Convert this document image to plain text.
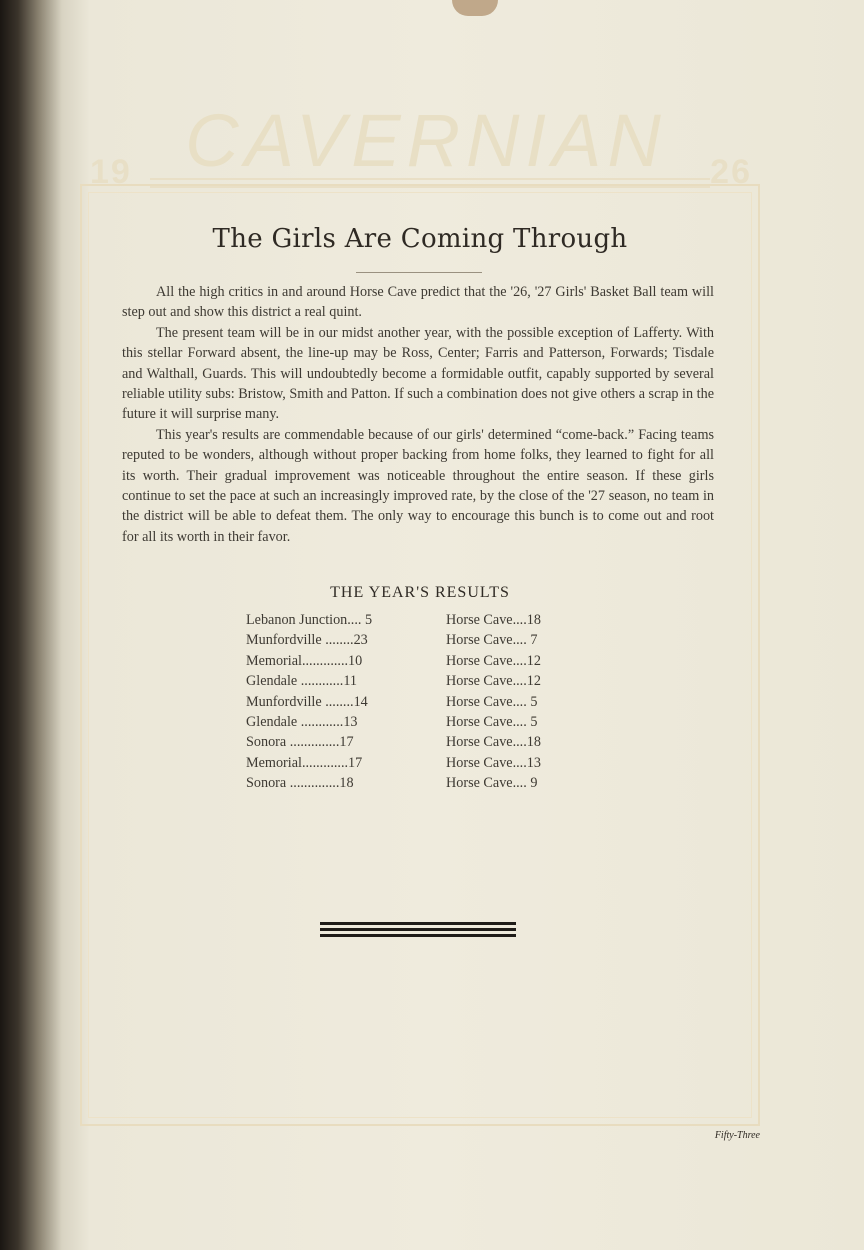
CAVERNIAN
19	26
The Girls Are Coming Through

All the high critics in and around Horse Cave predict that the '26, '27 Girls' Basket Ball team will step out and show this district a real quint.

The present team will be in our midst another year, with the possible exception of Lafferty. With this stellar Forward absent, the line-up may be Ross, Center; Farris and Patterson, Forwards; Tisdale and Walthall, Guards. This will undoubtedly become a formidable outfit, capably supported by several reliable utility subs: Bristow, Smith and Patton. If such a combination does not give others a scrap in the future it will surprise many.

This year's results are commendable because of our girls' determined “come-back.” Facing teams reputed to be wonders, although without proper backing from home folks, they learned to fight for all its worth. Their gradual improvement was noticeable throughout the entire season. If these girls continue to set the pace at such an increasingly improved rate, by the close of the '27 season, no team in the district will be able to defeat them. The only way to encourage this bunch is to come out and root for all its worth in their favor.

THE YEAR'S RESULTS
Lebanon Junction.... 5	Horse Cave....18
Munfordville ........23	Horse Cave.... 7
Memorial.............10	Horse Cave....12
Glendale ............11	Horse Cave....12
Munfordville ........14	Horse Cave.... 5
Glendale ............13	Horse Cave.... 5
Sonora ..............17	Horse Cave....18
Memorial.............17	Horse Cave....13
Sonora ..............18	Horse Cave.... 9
Fifty-Three
